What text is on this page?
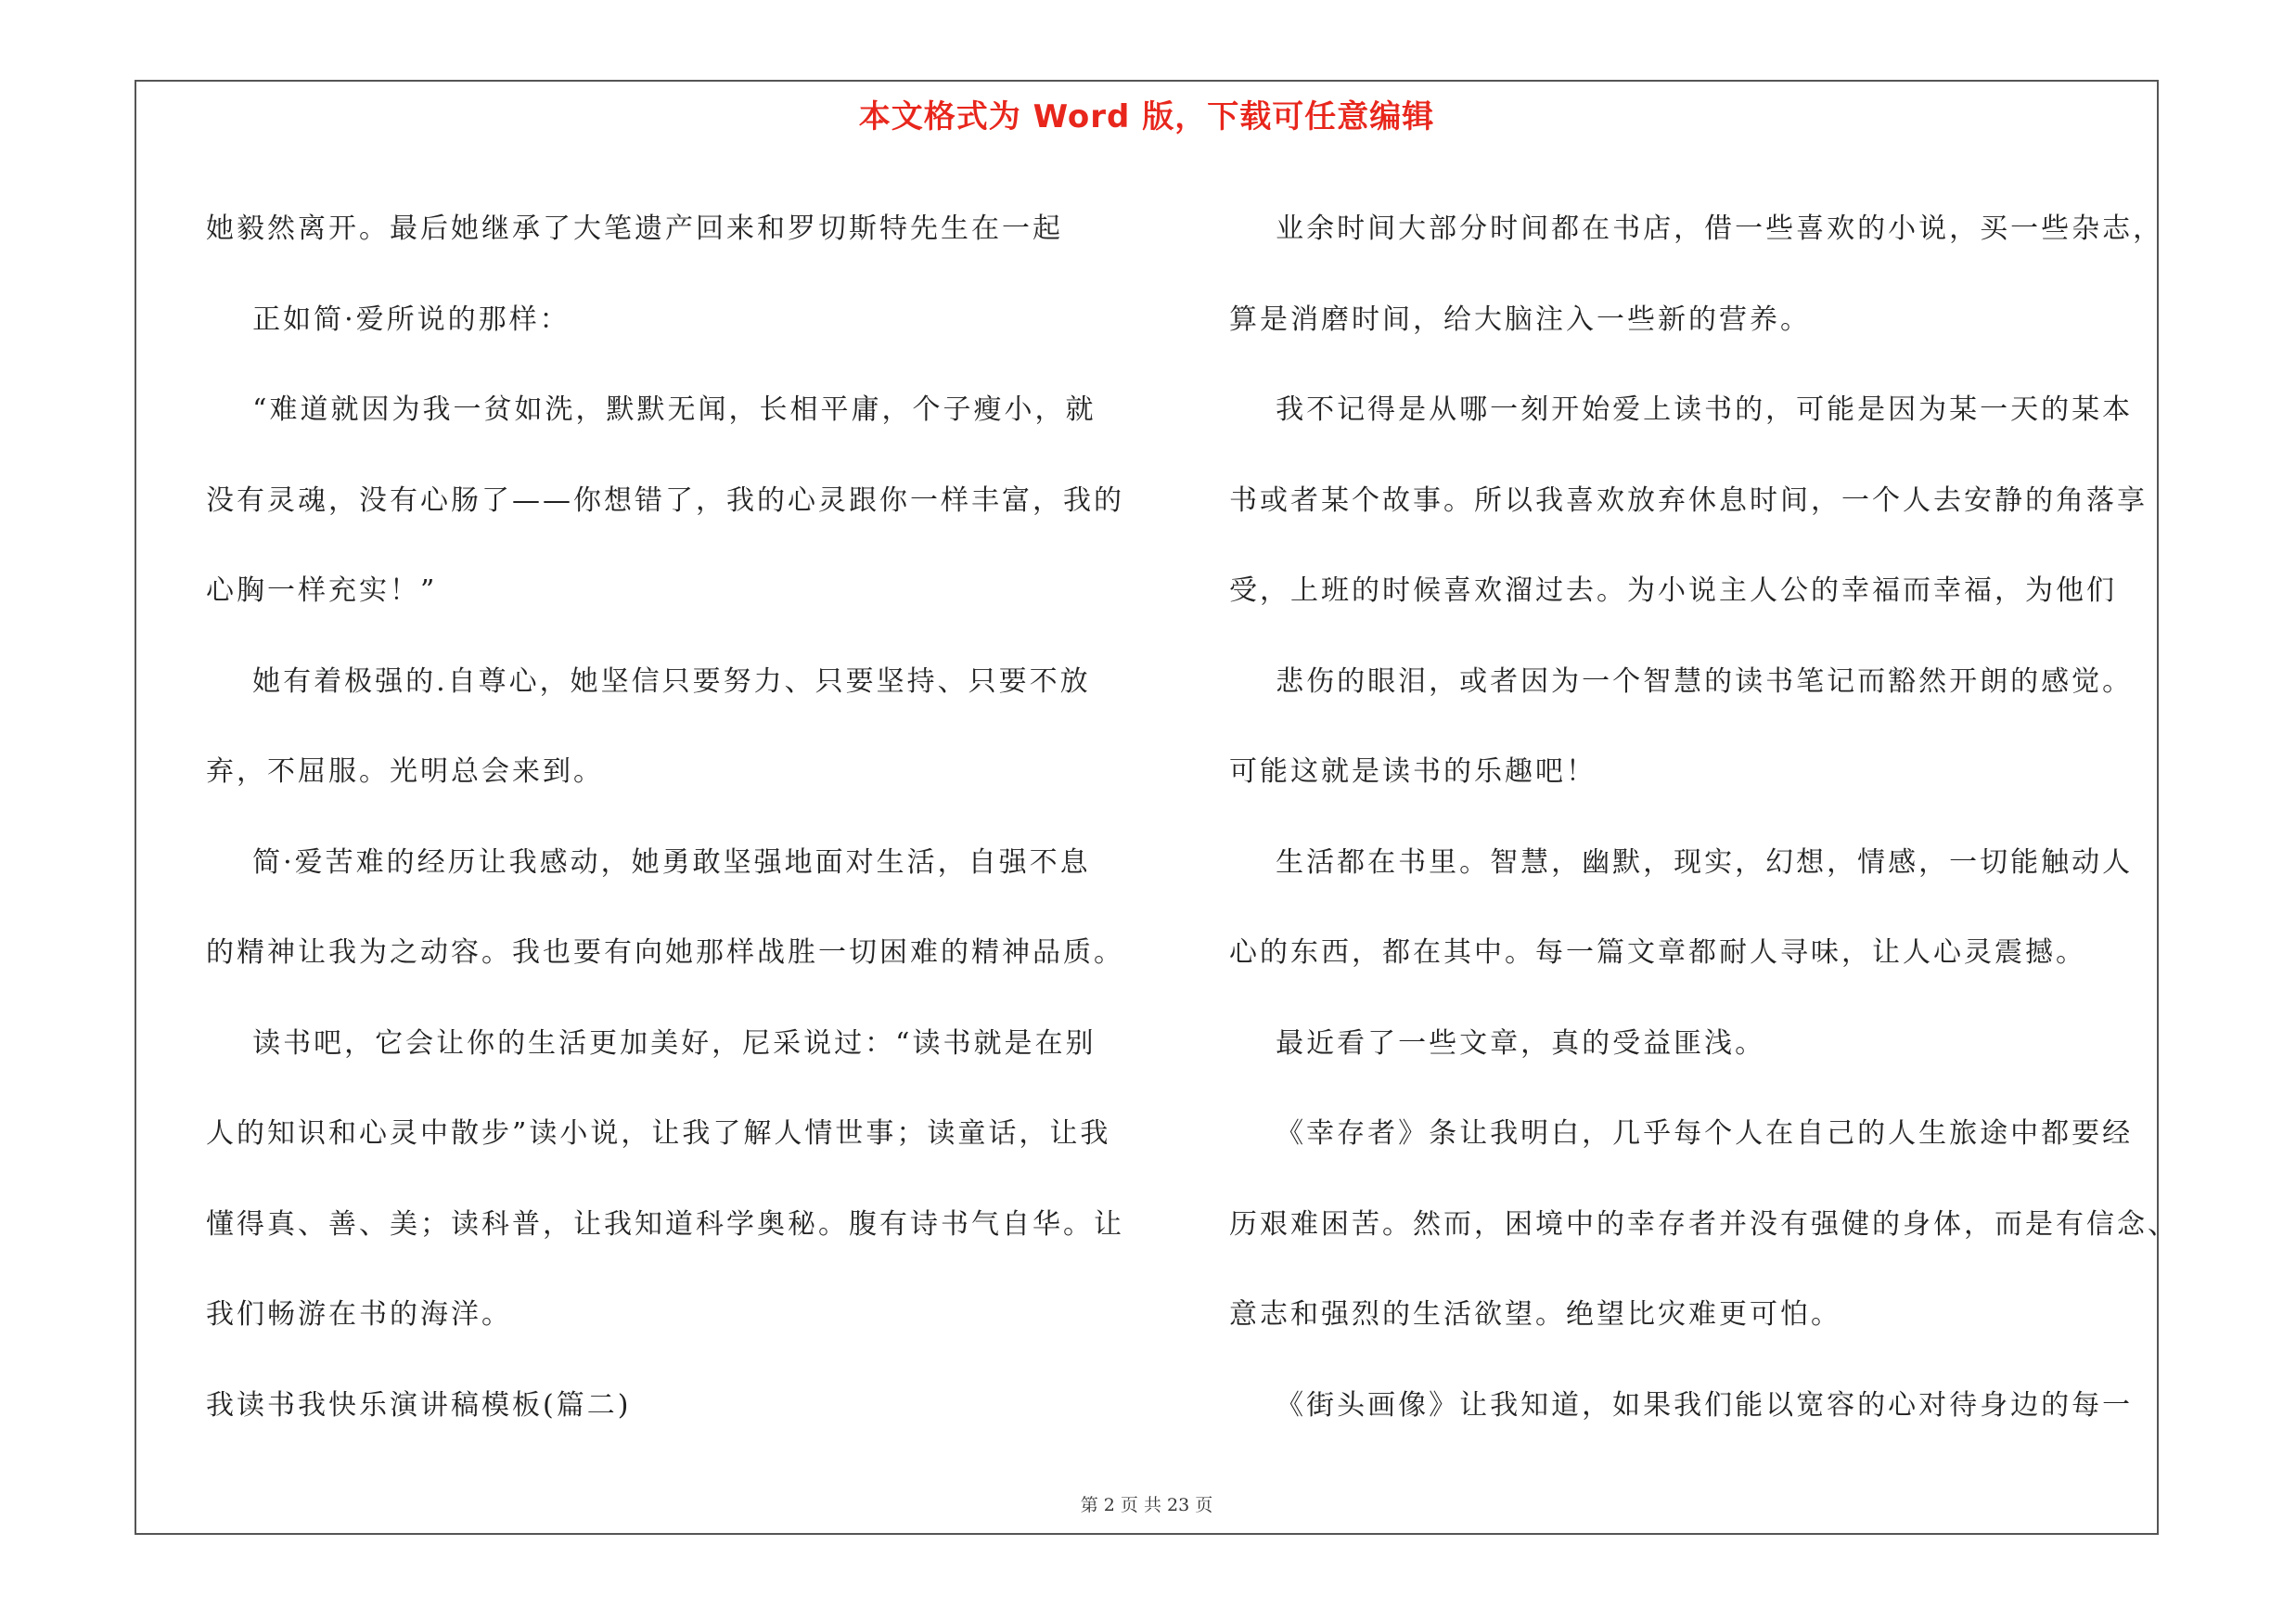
本文格式为 Word 版，下载可任意编辑

她毅然离开。最后她继承了大笔遗产回来和罗切斯特先生在一起

正如简·爱所说的那样：

“难道就因为我一贫如洗，默默无闻，长相平庸，个子瘦小，就

没有灵魂，没有心肠了——你想错了，我的心灵跟你一样丰富，我的

心胸一样充实！”

她有着极强的.自尊心，她坚信只要努力、只要坚持、只要不放

弃，不屈服。光明总会来到。

简·爱苦难的经历让我感动，她勇敢坚强地面对生活，自强不息

的精神让我为之动容。我也要有向她那样战胜一切困难的精神品质。

读书吧，它会让你的生活更加美好，尼采说过：“读书就是在别

人的知识和心灵中散步”读小说，让我了解人情世事；读童话，让我

懂得真、善、美；读科普，让我知道科学奥秘。腹有诗书气自华。让

我们畅游在书的海洋。

我读书我快乐演讲稿模板(篇二)

业余时间大部分时间都在书店，借一些喜欢的小说，买一些杂志，

算是消磨时间，给大脑注入一些新的营养。

我不记得是从哪一刻开始爱上读书的，可能是因为某一天的某本

书或者某个故事。所以我喜欢放弃休息时间，一个人去安静的角落享

受，上班的时候喜欢溜过去。为小说主人公的幸福而幸福，为他们

悲伤的眼泪，或者因为一个智慧的读书笔记而豁然开朗的感觉。

可能这就是读书的乐趣吧！

生活都在书里。智慧，幽默，现实，幻想，情感，一切能触动人

心的东西，都在其中。每一篇文章都耐人寻味，让人心灵震撼。

最近看了一些文章，真的受益匪浅。

《幸存者》条让我明白，几乎每个人在自己的人生旅途中都要经

历艰难困苦。然而，困境中的幸存者并没有强健的身体，而是有信念、

意志和强烈的生活欲望。绝望比灾难更可怕。

《街头画像》让我知道，如果我们能以宽容的心对待身边的每一

第 2 页 共 23 页
